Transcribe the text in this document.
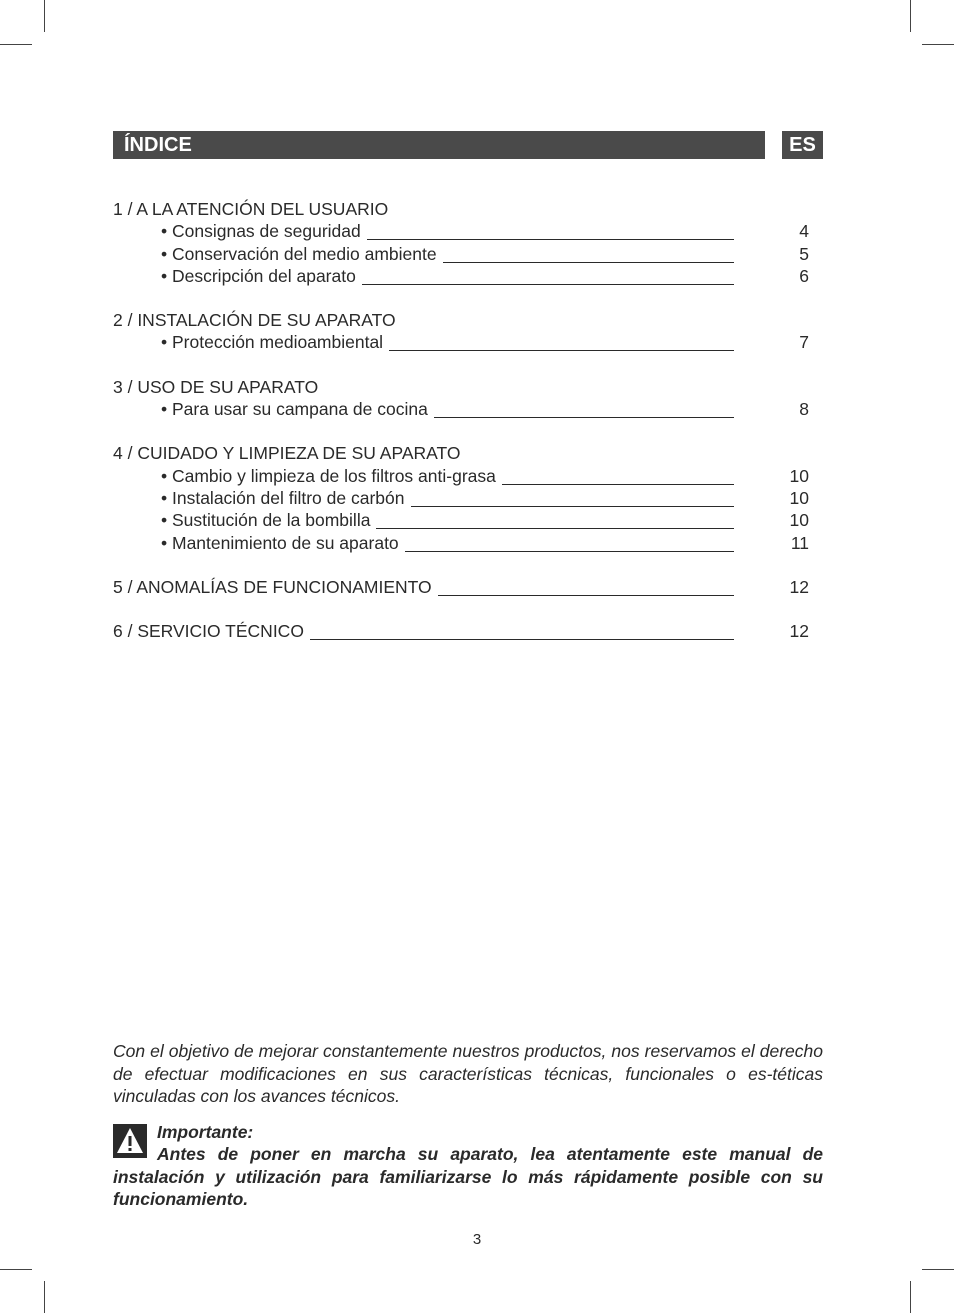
ÍNDICE	ES
1 / A LA ATENCIÓN DEL USUARIO
• Consignas de seguridad	4
• Conservación del medio ambiente	5
• Descripción del aparato	6
2 / INSTALACIÓN DE SU APARATO
• Protección medioambiental	7
3 / USO DE SU APARATO
• Para usar su campana de cocina	8
4 / CUIDADO Y LIMPIEZA DE SU APARATO
• Cambio y limpieza de los filtros anti-grasa	10
• Instalación del filtro de carbón	10
• Sustitución de la bombilla	10
• Mantenimiento de su aparato	11
5 / ANOMALÍAS DE FUNCIONAMIENTO	12
6 / SERVICIO TÉCNICO	12
Con el objetivo de mejorar constantemente nuestros productos, nos reservamos el derecho de efectuar modificaciones en sus características técnicas, funcionales o es-téticas vinculadas con los avances técnicos.
Importante:
Antes de poner en marcha su aparato, lea atentamente este manual de instalación y utilización para familiarizarse lo más rápidamente posible con su funcionamiento.
3
